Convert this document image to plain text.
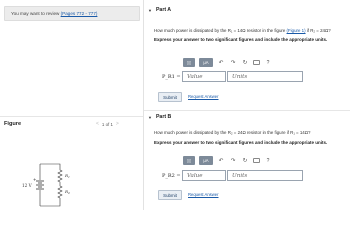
You may want to review (Pages 772 - 777)
Figure	< 1 of 1 >
+
12 V
$R_1$
$R_2$
▼ Part A
How much power is dissipated by the R₁ = 14Ω resistor in the figure (Figure 1) if R₂ = 24Ω?
Express your answer to two significant figures and include the appropriate units.
▯▯	μA	↶	↷	↻	?
P_R1 =	Value	Units
Submit	Request Answer
▼ Part B
How much power is dissipated by the R₂ = 24Ω resistor in the figure if R₁ = 14Ω?
Express your answer to two significant figures and include the appropriate units.
▯▯	μA	↶	↷	↻	?
P_R2 =	Value	Units
Submit	Request Answer
